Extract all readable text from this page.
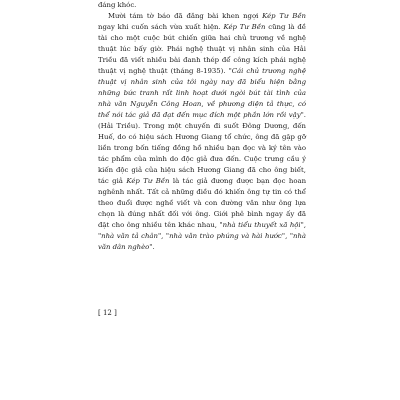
đáng khóc.

Mười tám tờ báo đã đăng bài khen ngợi Kép Tư Bền ngay khi cuốn sách vừa xuất hiện. Kép Tư Bền cũng là đề tài cho một cuộc bút chiến giữa hai chủ trương về nghệ thuật lúc bấy giờ. Phái nghệ thuật vị nhân sinh của Hải Triều đã viết nhiều bài đanh thép để công kích phái nghệ thuật vị nghệ thuật (tháng 8-1935). "Cái chủ trương nghệ thuật vị nhân sinh của tôi ngày nay đã biểu hiện bằng những bức tranh rất linh hoạt dưới ngòi bút tài tình của nhà văn Nguyễn Công Hoan, về phương diện tả thực, có thể nói tác giả đã đạt đến mục đích một phần lớn rồi vậy". (Hải Triều). Trong một chuyến đi suốt Đông Dương, đến Huế, do có hiệu sách Hương Giang tổ chức, ông đã gặp gỡ liền trong bốn tiếng đồng hồ nhiều bạn đọc và ký tên vào tác phẩm của mình do độc giả đưa đến. Cuộc trưng cầu ý kiến độc giả của hiệu sách Hương Giang đã cho ông biết, tác giả Kép Tư Bền là tác giả đương được bạn đọc hoan nghênh nhất. Tất cả những điều đó khiến ông tự tin có thể theo đuổi được nghề viết và con đường văn như ông lựa chọn là đúng nhất đối với ông. Giới phê bình ngay ấy đã đặt cho ông nhiều tên khác nhau, "nhà tiểu thuyết xã hội", "nhà văn tả chân", "nhà văn trào phúng và hài hước", "nhà văn dân nghèo".

[ 12 ]
